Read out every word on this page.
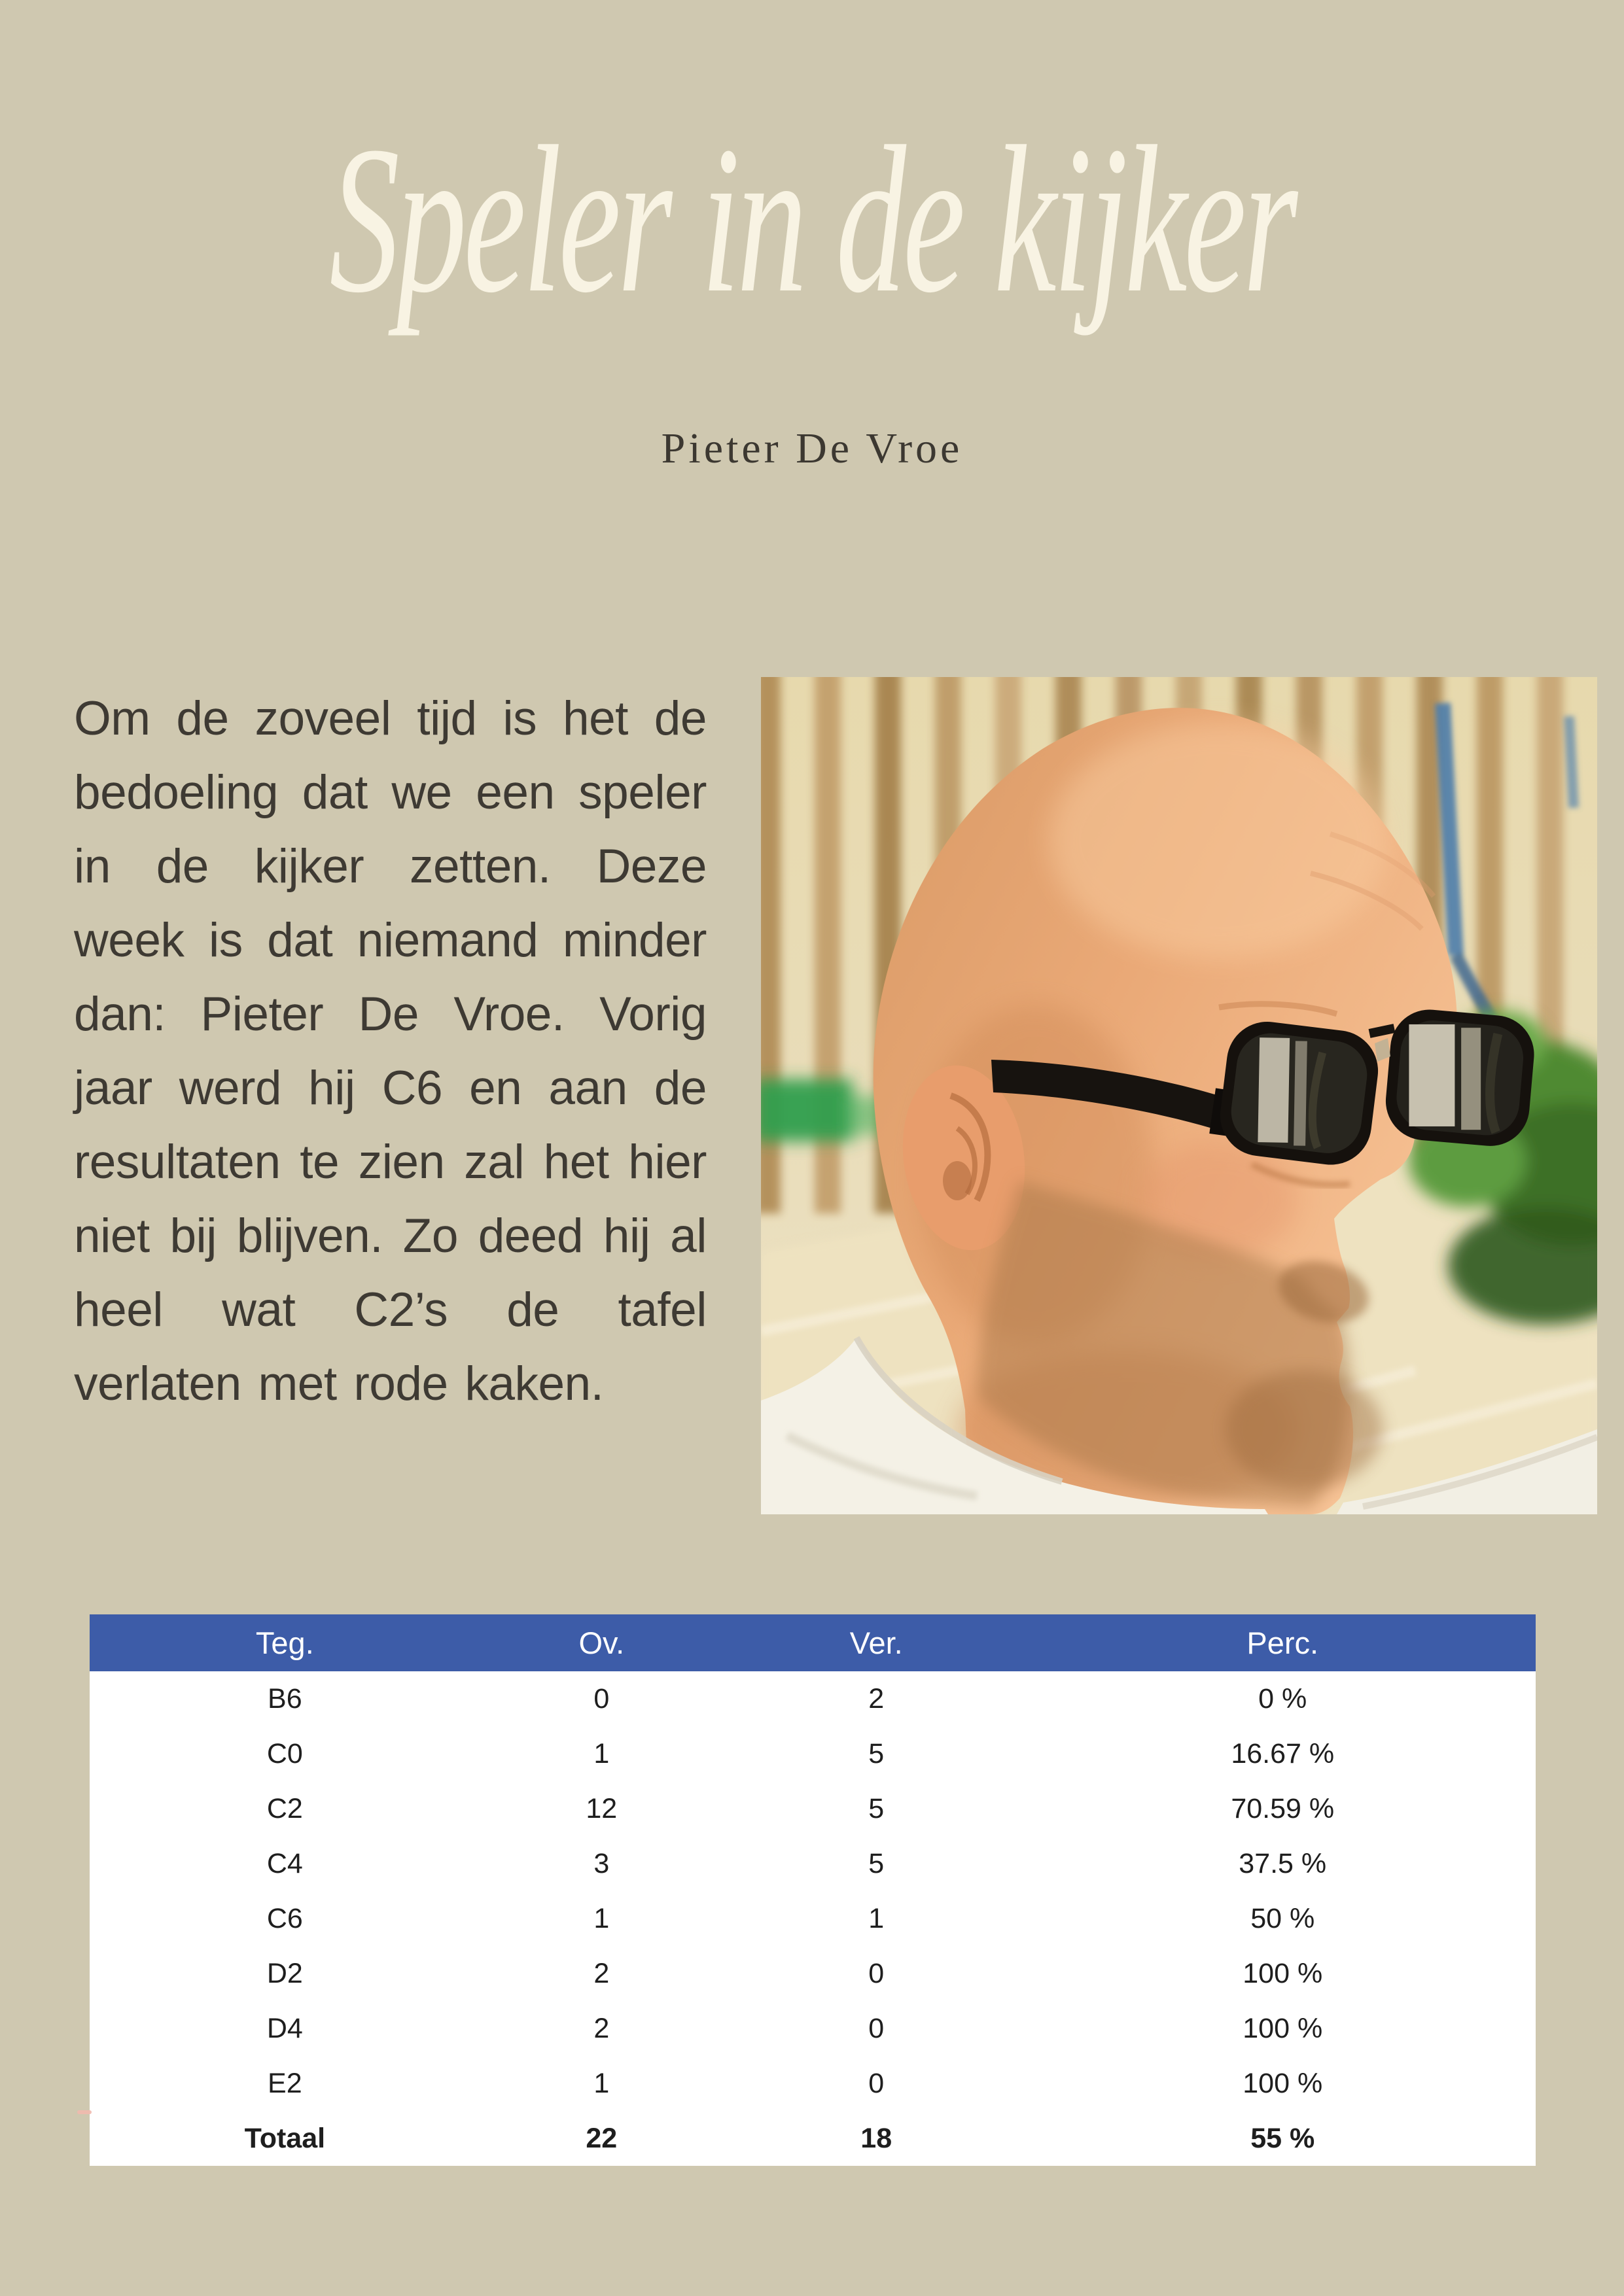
Speler in de kijker
Pieter De Vroe
Om de zoveel tijd is het de bedoeling dat we een speler in de kijker zetten. Deze week is dat niemand minder dan: Pieter De Vroe. Vorig jaar werd hij C6 en aan de resultaten te zien zal het hier niet bij blijven. Zo deed hij al heel wat C2’s de tafel verlaten met rode kaken.
Teg.	Ov.	Ver.	Perc.
B6	0	2	0 %
C0	1	5	16.67 %
C2	12	5	70.59 %
C4	3	5	37.5 %
C6	1	1	50 %
D2	2	0	100 %
D4	2	0	100 %
E2	1	0	100 %
Totaal	22	18	55 %
